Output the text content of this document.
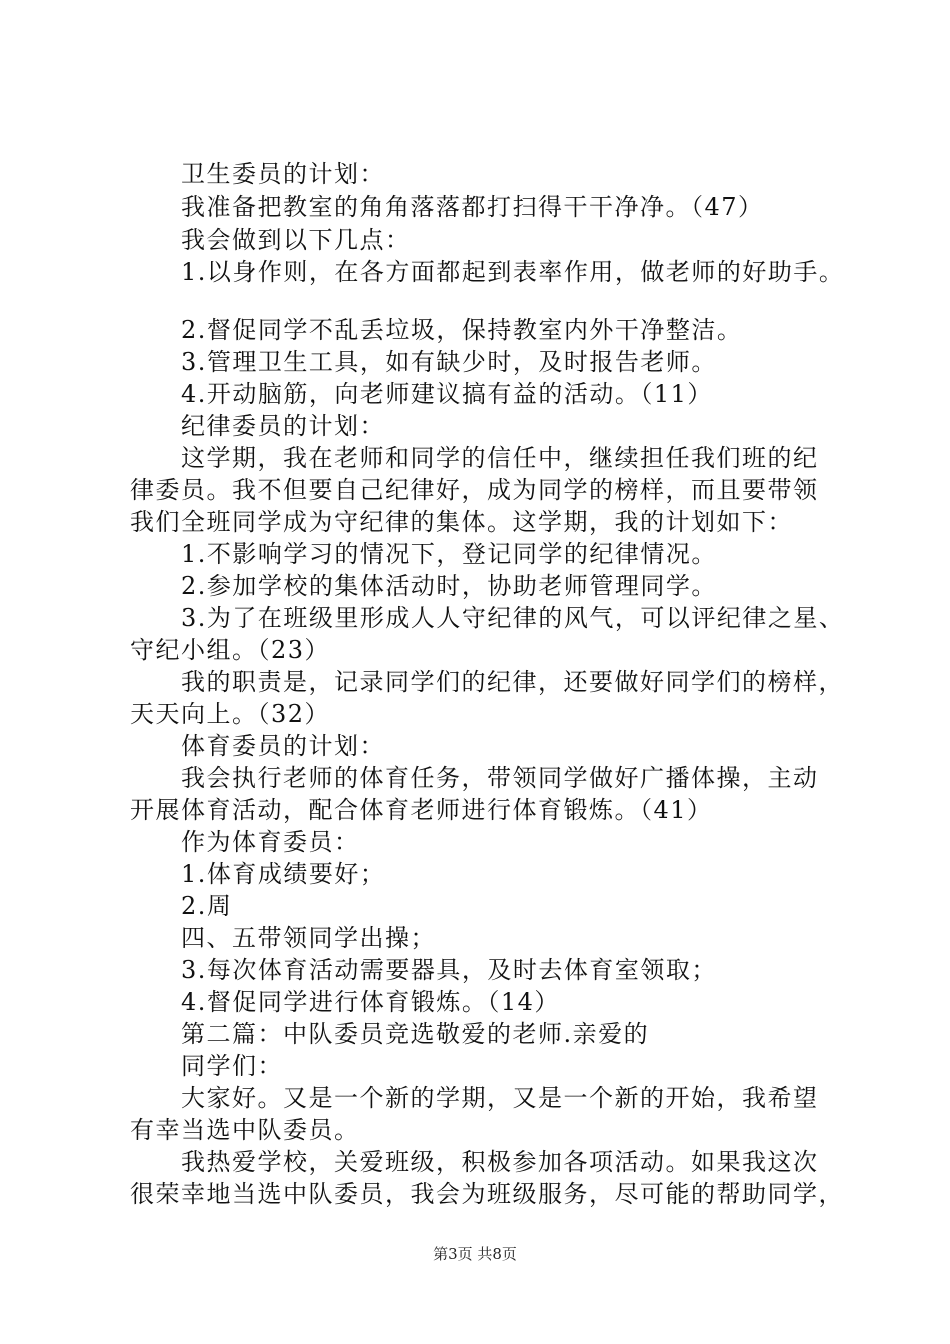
卫生委员的计划：
我准备把教室的角角落落都打扫得干干净净。（47）
我会做到以下几点：
1.以身作则，在各方面都起到表率作用，做老师的好助手。
2.督促同学不乱丢垃圾，保持教室内外干净整洁。
3.管理卫生工具，如有缺少时，及时报告老师。
4.开动脑筋，向老师建议搞有益的活动。（11）
纪律委员的计划：
这学期，我在老师和同学的信任中，继续担任我们班的纪
律委员。我不但要自己纪律好，成为同学的榜样，而且要带领
我们全班同学成为守纪律的集体。这学期，我的计划如下：
1.不影响学习的情况下，登记同学的纪律情况。
2.参加学校的集体活动时，协助老师管理同学。
3.为了在班级里形成人人守纪律的风气，可以评纪律之星、
守纪小组。（23）
我的职责是，记录同学们的纪律，还要做好同学们的榜样，
天天向上。（32）
体育委员的计划：
我会执行老师的体育任务，带领同学做好广播体操，主动
开展体育活动，配合体育老师进行体育锻炼。（41）
作为体育委员：
1.体育成绩要好；
2.周
四、五带领同学出操；
3.每次体育活动需要器具，及时去体育室领取；
4.督促同学进行体育锻炼。（14）
第二篇：中队委员竞选敬爱的老师.亲爱的
同学们：
大家好。又是一个新的学期，又是一个新的开始，我希望
有幸当选中队委员。
我热爱学校，关爱班级，积极参加各项活动。如果我这次
很荣幸地当选中队委员，我会为班级服务，尽可能的帮助同学，
第3页 共8页
